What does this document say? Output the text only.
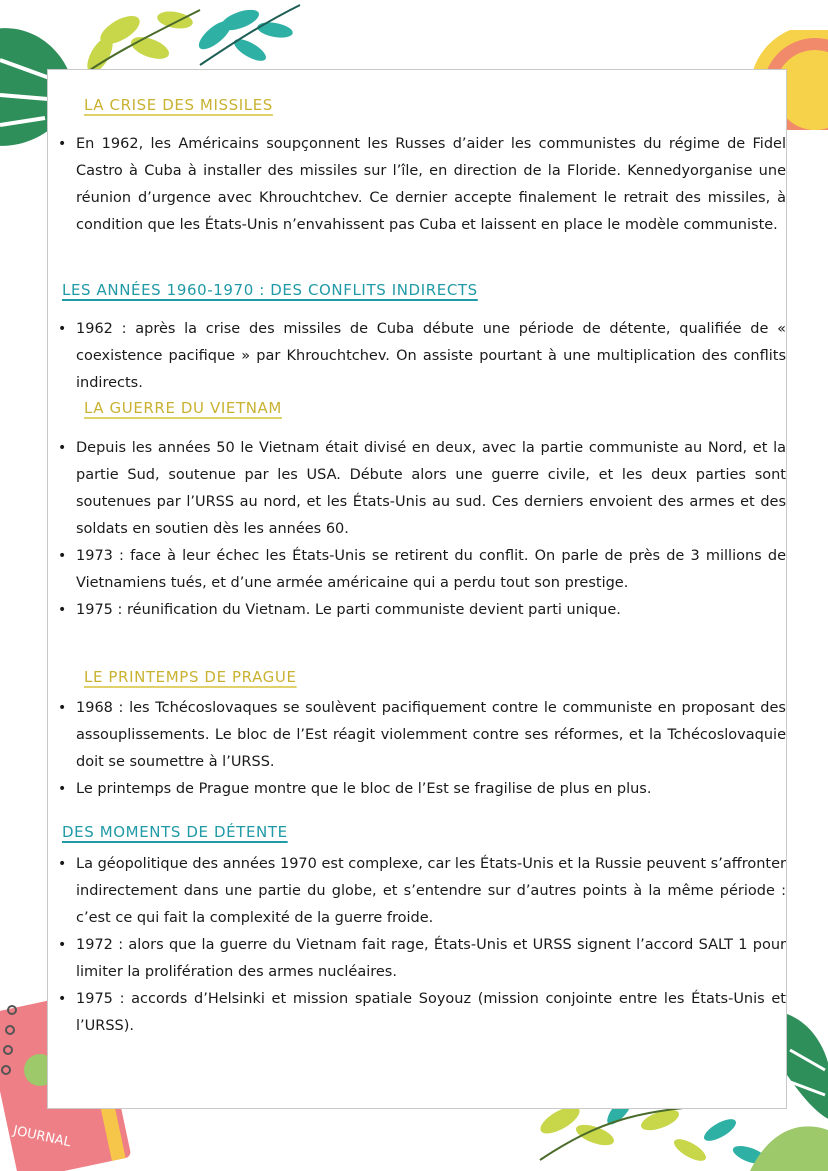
JOURNAL
LA CRISE DES MISSILES
• En 1962, les Américains soupçonnent les Russes d’aider les communistes du régime de Fidel Castro à Cuba à installer des missiles sur l’île, en direction de la Floride. Kennedyorganise une réunion d’urgence avec Khrouchtchev. Ce dernier accepte finalement le retrait des missiles, à condition que les États-Unis n’envahissent pas Cuba et laissent en place le modèle communiste.
LES ANNÉES 1960-1970 : DES CONFLITS INDIRECTS
• 1962 : après la crise des missiles de Cuba débute une période de détente, qualifiée de « coexistence pacifique » par Khrouchtchev. On assiste pourtant à une multiplication des conflits indirects.
LA GUERRE DU VIETNAM
• Depuis les années 50 le Vietnam était divisé en deux, avec la partie communiste au Nord, et la partie Sud, soutenue par les USA. Débute alors une guerre civile, et les deux parties sont soutenues par l’URSS au nord, et les États-Unis au sud. Ces derniers envoient des armes et des soldats en soutien dès les années 60.
• 1973 : face à leur échec les États-Unis se retirent du conflit. On parle de près de 3 millions de Vietnamiens tués, et d’une armée américaine qui a perdu tout son prestige.
• 1975 : réunification du Vietnam. Le parti communiste devient parti unique.
LE PRINTEMPS DE PRAGUE
• 1968 : les Tchécoslovaques se soulèvent pacifiquement contre le communiste en proposant des assouplissements. Le bloc de l’Est réagit violemment contre ses réformes, et la Tchécoslovaquie doit se soumettre à l’URSS.
• Le printemps de Prague montre que le bloc de l’Est se fragilise de plus en plus.
DES MOMENTS DE DÉTENTE
• La géopolitique des années 1970 est complexe, car les États-Unis et la Russie peuvent s’affronter indirectement dans une partie du globe, et s’entendre sur d’autres points à la même période : c’est ce qui fait la complexité de la guerre froide.
• 1972 : alors que la guerre du Vietnam fait rage, États-Unis et URSS signent l’accord SALT 1 pour limiter la prolifération des armes nucléaires.
• 1975 : accords d’Helsinki et mission spatiale Soyouz (mission conjointe entre les États-Unis et l’URSS).
